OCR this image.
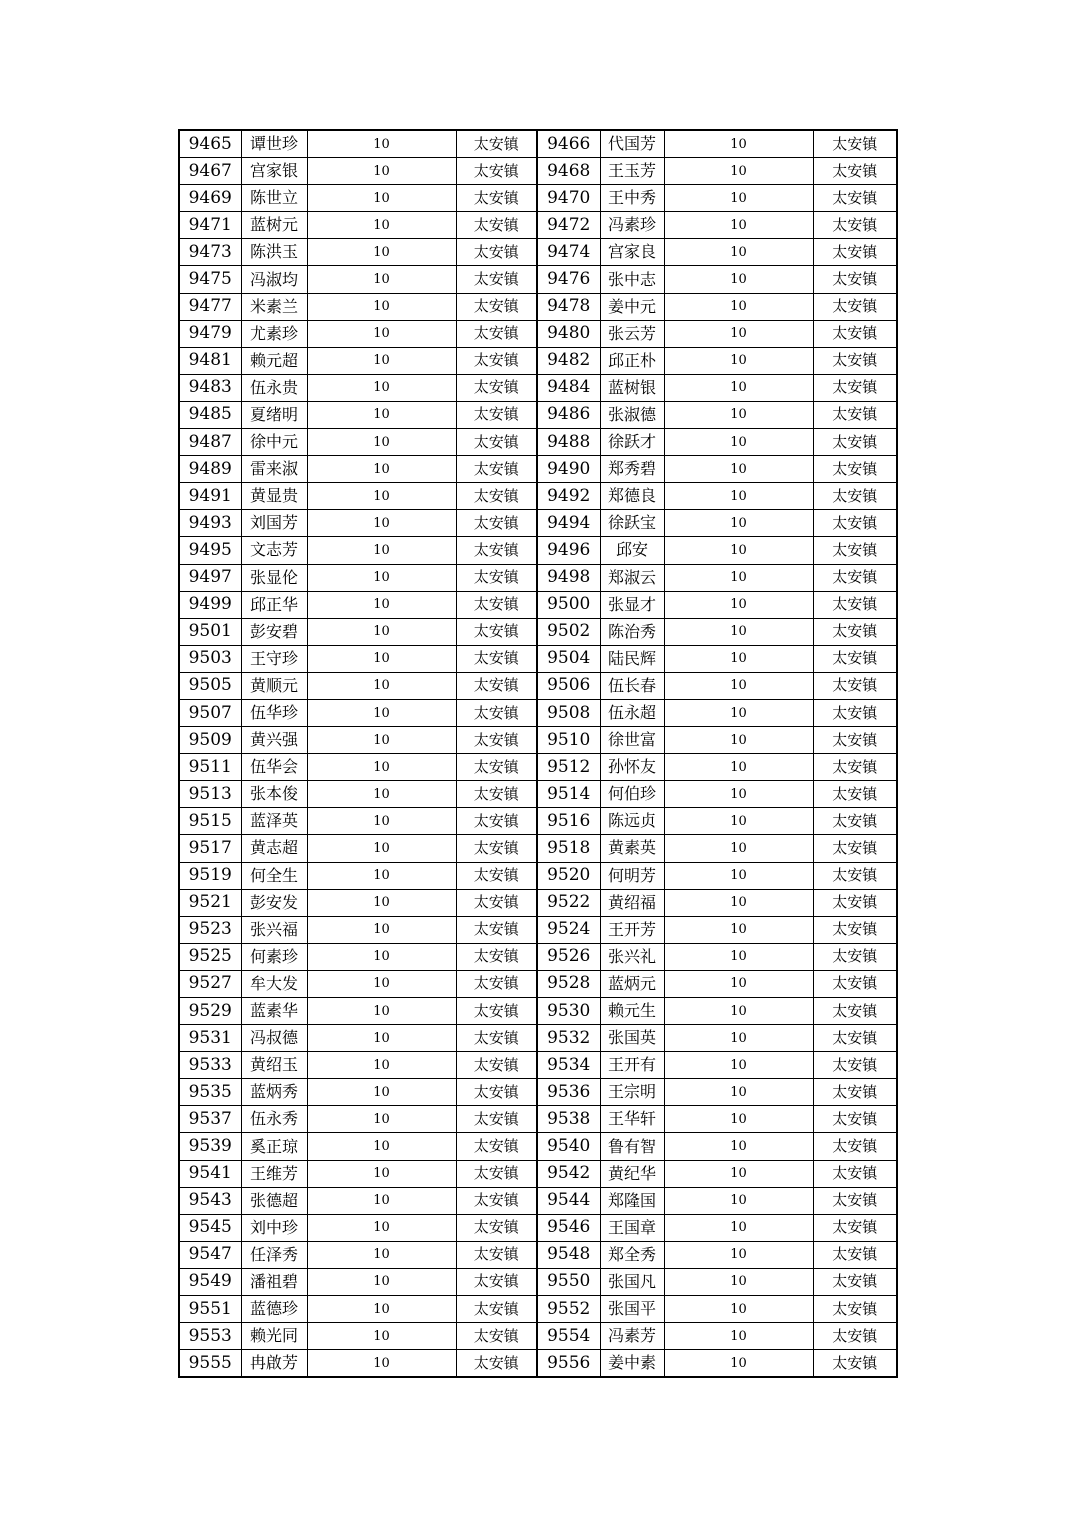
9465	谭世珍	10	太安镇	9466	代国芳	10	太安镇
9467	宫家银	10	太安镇	9468	王玉芳	10	太安镇
9469	陈世立	10	太安镇	9470	王中秀	10	太安镇
9471	蓝树元	10	太安镇	9472	冯素珍	10	太安镇
9473	陈洪玉	10	太安镇	9474	宫家良	10	太安镇
9475	冯淑均	10	太安镇	9476	张中志	10	太安镇
9477	米素兰	10	太安镇	9478	姜中元	10	太安镇
9479	尤素珍	10	太安镇	9480	张云芳	10	太安镇
9481	赖元超	10	太安镇	9482	邱正朴	10	太安镇
9483	伍永贵	10	太安镇	9484	蓝树银	10	太安镇
9485	夏绪明	10	太安镇	9486	张淑德	10	太安镇
9487	徐中元	10	太安镇	9488	徐跃才	10	太安镇
9489	雷来淑	10	太安镇	9490	郑秀碧	10	太安镇
9491	黄显贵	10	太安镇	9492	郑德良	10	太安镇
9493	刘国芳	10	太安镇	9494	徐跃宝	10	太安镇
9495	文志芳	10	太安镇	9496	邱安	10	太安镇
9497	张显伦	10	太安镇	9498	郑淑云	10	太安镇
9499	邱正华	10	太安镇	9500	张显才	10	太安镇
9501	彭安碧	10	太安镇	9502	陈治秀	10	太安镇
9503	王守珍	10	太安镇	9504	陆民辉	10	太安镇
9505	黄顺元	10	太安镇	9506	伍长春	10	太安镇
9507	伍华珍	10	太安镇	9508	伍永超	10	太安镇
9509	黄兴强	10	太安镇	9510	徐世富	10	太安镇
9511	伍华会	10	太安镇	9512	孙怀友	10	太安镇
9513	张本俊	10	太安镇	9514	何伯珍	10	太安镇
9515	蓝泽英	10	太安镇	9516	陈远贞	10	太安镇
9517	黄志超	10	太安镇	9518	黄素英	10	太安镇
9519	何全生	10	太安镇	9520	何明芳	10	太安镇
9521	彭安发	10	太安镇	9522	黄绍福	10	太安镇
9523	张兴福	10	太安镇	9524	王开芳	10	太安镇
9525	何素珍	10	太安镇	9526	张兴礼	10	太安镇
9527	牟大发	10	太安镇	9528	蓝炳元	10	太安镇
9529	蓝素华	10	太安镇	9530	赖元生	10	太安镇
9531	冯叔德	10	太安镇	9532	张国英	10	太安镇
9533	黄绍玉	10	太安镇	9534	王开有	10	太安镇
9535	蓝炳秀	10	太安镇	9536	王宗明	10	太安镇
9537	伍永秀	10	太安镇	9538	王华轩	10	太安镇
9539	奚正琼	10	太安镇	9540	鲁有智	10	太安镇
9541	王维芳	10	太安镇	9542	黄纪华	10	太安镇
9543	张德超	10	太安镇	9544	郑隆国	10	太安镇
9545	刘中珍	10	太安镇	9546	王国章	10	太安镇
9547	任泽秀	10	太安镇	9548	郑全秀	10	太安镇
9549	潘祖碧	10	太安镇	9550	张国凡	10	太安镇
9551	蓝德珍	10	太安镇	9552	张国平	10	太安镇
9553	赖光同	10	太安镇	9554	冯素芳	10	太安镇
9555	冉啟芳	10	太安镇	9556	姜中素	10	太安镇
